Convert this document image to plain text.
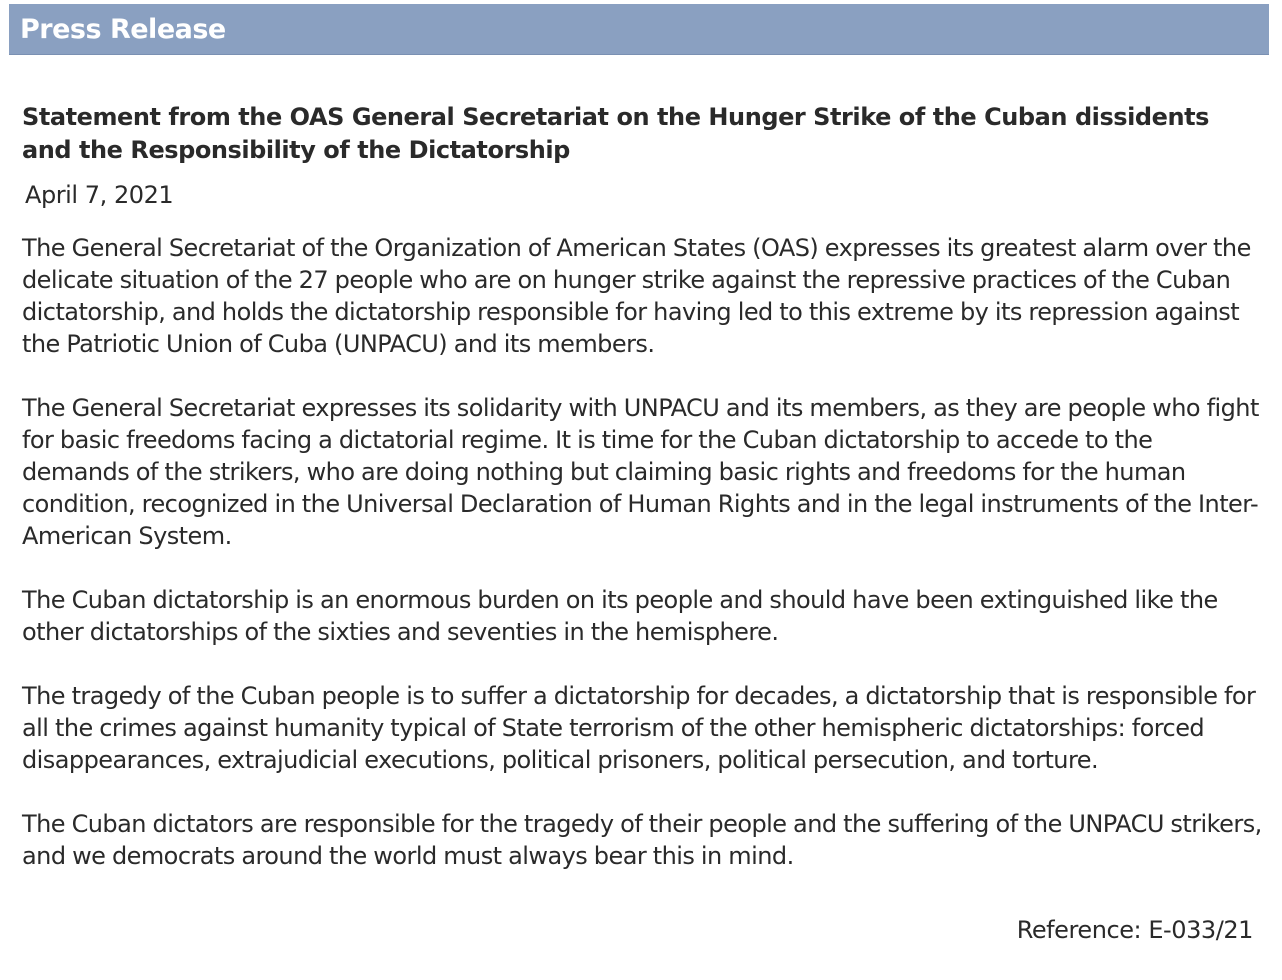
Press Release
Statement from the OAS General Secretariat on the Hunger Strike of the Cuban dissidents and the Responsibility of the Dictatorship
April 7, 2021

The General Secretariat of the Organization of American States (OAS) expresses its greatest alarm over the delicate situation of the 27 people who are on hunger strike against the repressive practices of the Cuban dictatorship, and holds the dictatorship responsible for having led to this extreme by its repression against the Patriotic Union of Cuba (UNPACU) and its members.

The General Secretariat expresses its solidarity with UNPACU and its members, as they are people who fight for basic freedoms facing a dictatorial regime. It is time for the Cuban dictatorship to accede to the demands of the strikers, who are doing nothing but claiming basic rights and freedoms for the human condition, recognized in the Universal Declaration of Human Rights and in the legal instruments of the Inter-American System.

The Cuban dictatorship is an enormous burden on its people and should have been extinguished like the other dictatorships of the sixties and seventies in the hemisphere.

The tragedy of the Cuban people is to suffer a dictatorship for decades, a dictatorship that is responsible for all the crimes against humanity typical of State terrorism of the other hemispheric dictatorships: forced disappearances, extrajudicial executions, political prisoners, political persecution, and torture.

The Cuban dictators are responsible for the tragedy of their people and the suffering of the UNPACU strikers, and we democrats around the world must always bear this in mind.

Reference: E-033/21
